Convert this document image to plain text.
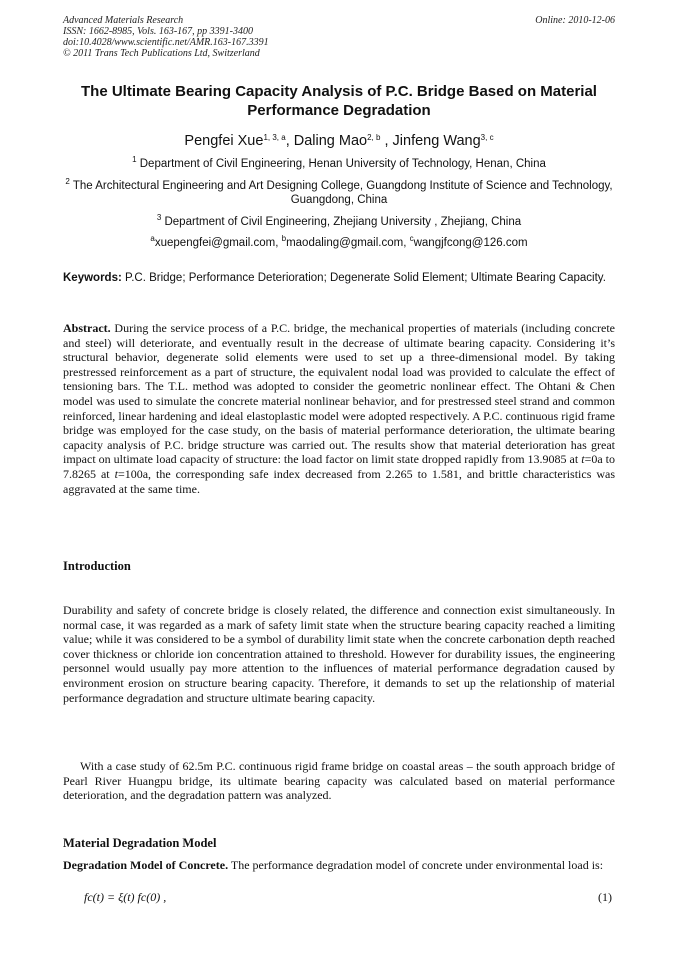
Advanced Materials Research
ISSN: 1662-8985, Vols. 163-167, pp 3391-3400
doi:10.4028/www.scientific.net/AMR.163-167.3391
© 2011 Trans Tech Publications Ltd, Switzerland
Online: 2010-12-06
The Ultimate Bearing Capacity Analysis of P.C. Bridge Based on Material Performance Degradation
Pengfei Xue$^{1, 3, a}$, Daling Mao$^{2, b}$ , Jinfeng Wang$^{3, c}$
$^1$ Department of Civil Engineering, Henan University of Technology, Henan, China
$^2$ The Architectural Engineering and Art Designing College, Guangdong Institute of Science and Technology, Guangdong, China
$^3$ Department of Civil Engineering, Zhejiang University , Zhejiang, China
$^a$xuepengfei@gmail.com, $^b$maodaling@gmail.com, $^c$wangjfcong@126.com
Keywords: P.C. Bridge; Performance Deterioration; Degenerate Solid Element; Ultimate Bearing Capacity.
Abstract. During the service process of a P.C. bridge, the mechanical properties of materials (including concrete and steel) will deteriorate, and eventually result in the decrease of ultimate bearing capacity. Considering it’s structural behavior, degenerate solid elements were used to set up a three-dimensional model. By taking prestressed reinforcement as a part of structure, the equivalent nodal load was provided to calculate the effect of tensioning bars. The T.L. method was adopted to consider the geometric nonlinear effect. The Ohtani & Chen model was used to simulate the concrete material nonlinear behavior, and for prestressed steel strand and common reinforced, linear hardening and ideal elastoplastic model were adopted respectively. A P.C. continuous rigid frame bridge was employed for the case study, on the basis of material performance deterioration, the ultimate bearing capacity analysis of P.C. bridge structure was carried out. The results show that material deterioration has great impact on ultimate load capacity of structure: the load factor on limit state dropped rapidly from 13.9085 at t=0a to 7.8265 at t=100a, the corresponding safe index decreased from 2.265 to 1.581, and brittle characteristics was aggravated at the same time.
Introduction
Durability and safety of concrete bridge is closely related, the difference and connection exist simultaneously. In normal case, it was regarded as a mark of safety limit state when the structure bearing capacity reached a limiting value; while it was considered to be a symbol of durability limit state when the concrete carbonation depth reached cover thickness or chloride ion concentration attained to threshold. However for durability issues, the engineering personnel would usually pay more attention to the influences of material performance degradation caused by environment erosion on structure bearing capacity. Therefore, it demands to set up the relationship of material performance degradation and structure ultimate bearing capacity.
With a case study of 62.5m P.C. continuous rigid frame bridge on coastal areas – the south approach bridge of Pearl River Huangpu bridge, its ultimate bearing capacity was calculated based on material performance deterioration, and the degradation pattern was analyzed.
Material Degradation Model
Degradation Model of Concrete. The performance degradation model of concrete under environmental load is:
fc(t) = ξ(t) fc(0) ,	(1)
